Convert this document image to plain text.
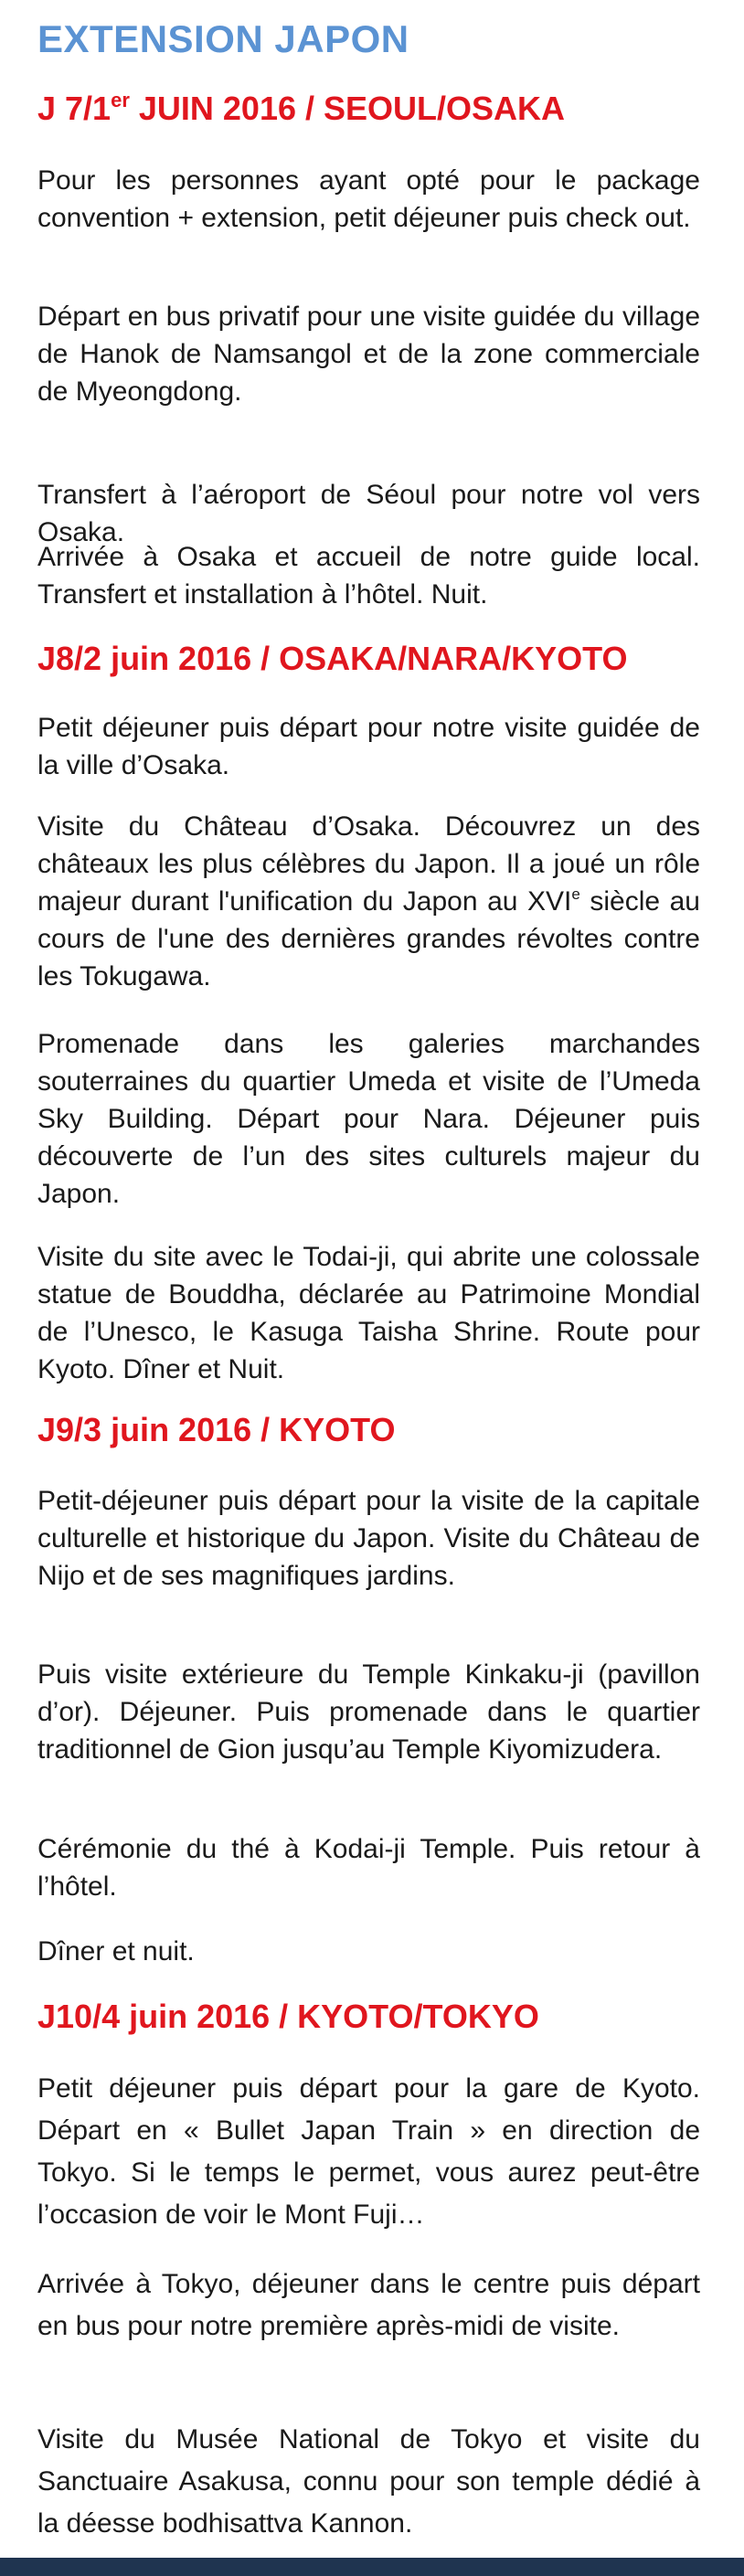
EXTENSION JAPON
J 7/1er JUIN 2016 / SEOUL/OSAKA

Pour les personnes ayant opté pour le package convention + extension, petit déjeuner puis check out.

Départ en bus privatif pour une visite guidée du village de Hanok de Namsangol et de la zone commerciale de Myeongdong.

Transfert à l’aéroport de Séoul pour notre vol vers Osaka.

Arrivée à Osaka et accueil de notre guide local. Transfert et installation à l’hôtel. Nuit.

J8/2 juin 2016 / OSAKA/NARA/KYOTO

Petit déjeuner puis départ pour notre visite guidée de la ville d’Osaka.

Visite du Château d’Osaka. Découvrez un des châteaux les plus célèbres du Japon. Il a joué un rôle majeur durant l'unification du Japon au XVIe siècle au cours de l'une des dernières grandes révoltes contre les Tokugawa.

Promenade dans les galeries marchandes souterraines du quartier Umeda et visite de l’Umeda Sky Building. Départ pour Nara. Déjeuner puis découverte de l’un des sites culturels majeur du Japon.

Visite du site avec le Todai-ji, qui abrite une colossale statue de Bouddha, déclarée au Patrimoine Mondial de l’Unesco, le Kasuga Taisha Shrine. Route pour Kyoto. Dîner et Nuit.

J9/3 juin 2016 / KYOTO

Petit-déjeuner puis départ pour la visite de la capitale culturelle et historique du Japon. Visite du Château de Nijo et de ses magnifiques jardins.

Puis visite extérieure du Temple Kinkaku-ji (pavillon d’or). Déjeuner. Puis promenade dans le quartier traditionnel de Gion jusqu’au Temple Kiyomizudera.

Cérémonie du thé à Kodai-ji Temple. Puis retour à l’hôtel.

Dîner et nuit.

J10/4 juin 2016 / KYOTO/TOKYO

Petit déjeuner puis départ pour la gare de Kyoto. Départ en « Bullet Japan Train » en direction de Tokyo. Si le temps le permet, vous aurez peut-être l’occasion de voir le Mont Fuji…

Arrivée à Tokyo, déjeuner dans le centre puis départ en bus pour notre première après-midi de visite.

Visite du Musée National de Tokyo et visite du Sanctuaire Asakusa, connu pour son temple dédié à la déesse bodhisattva Kannon.
